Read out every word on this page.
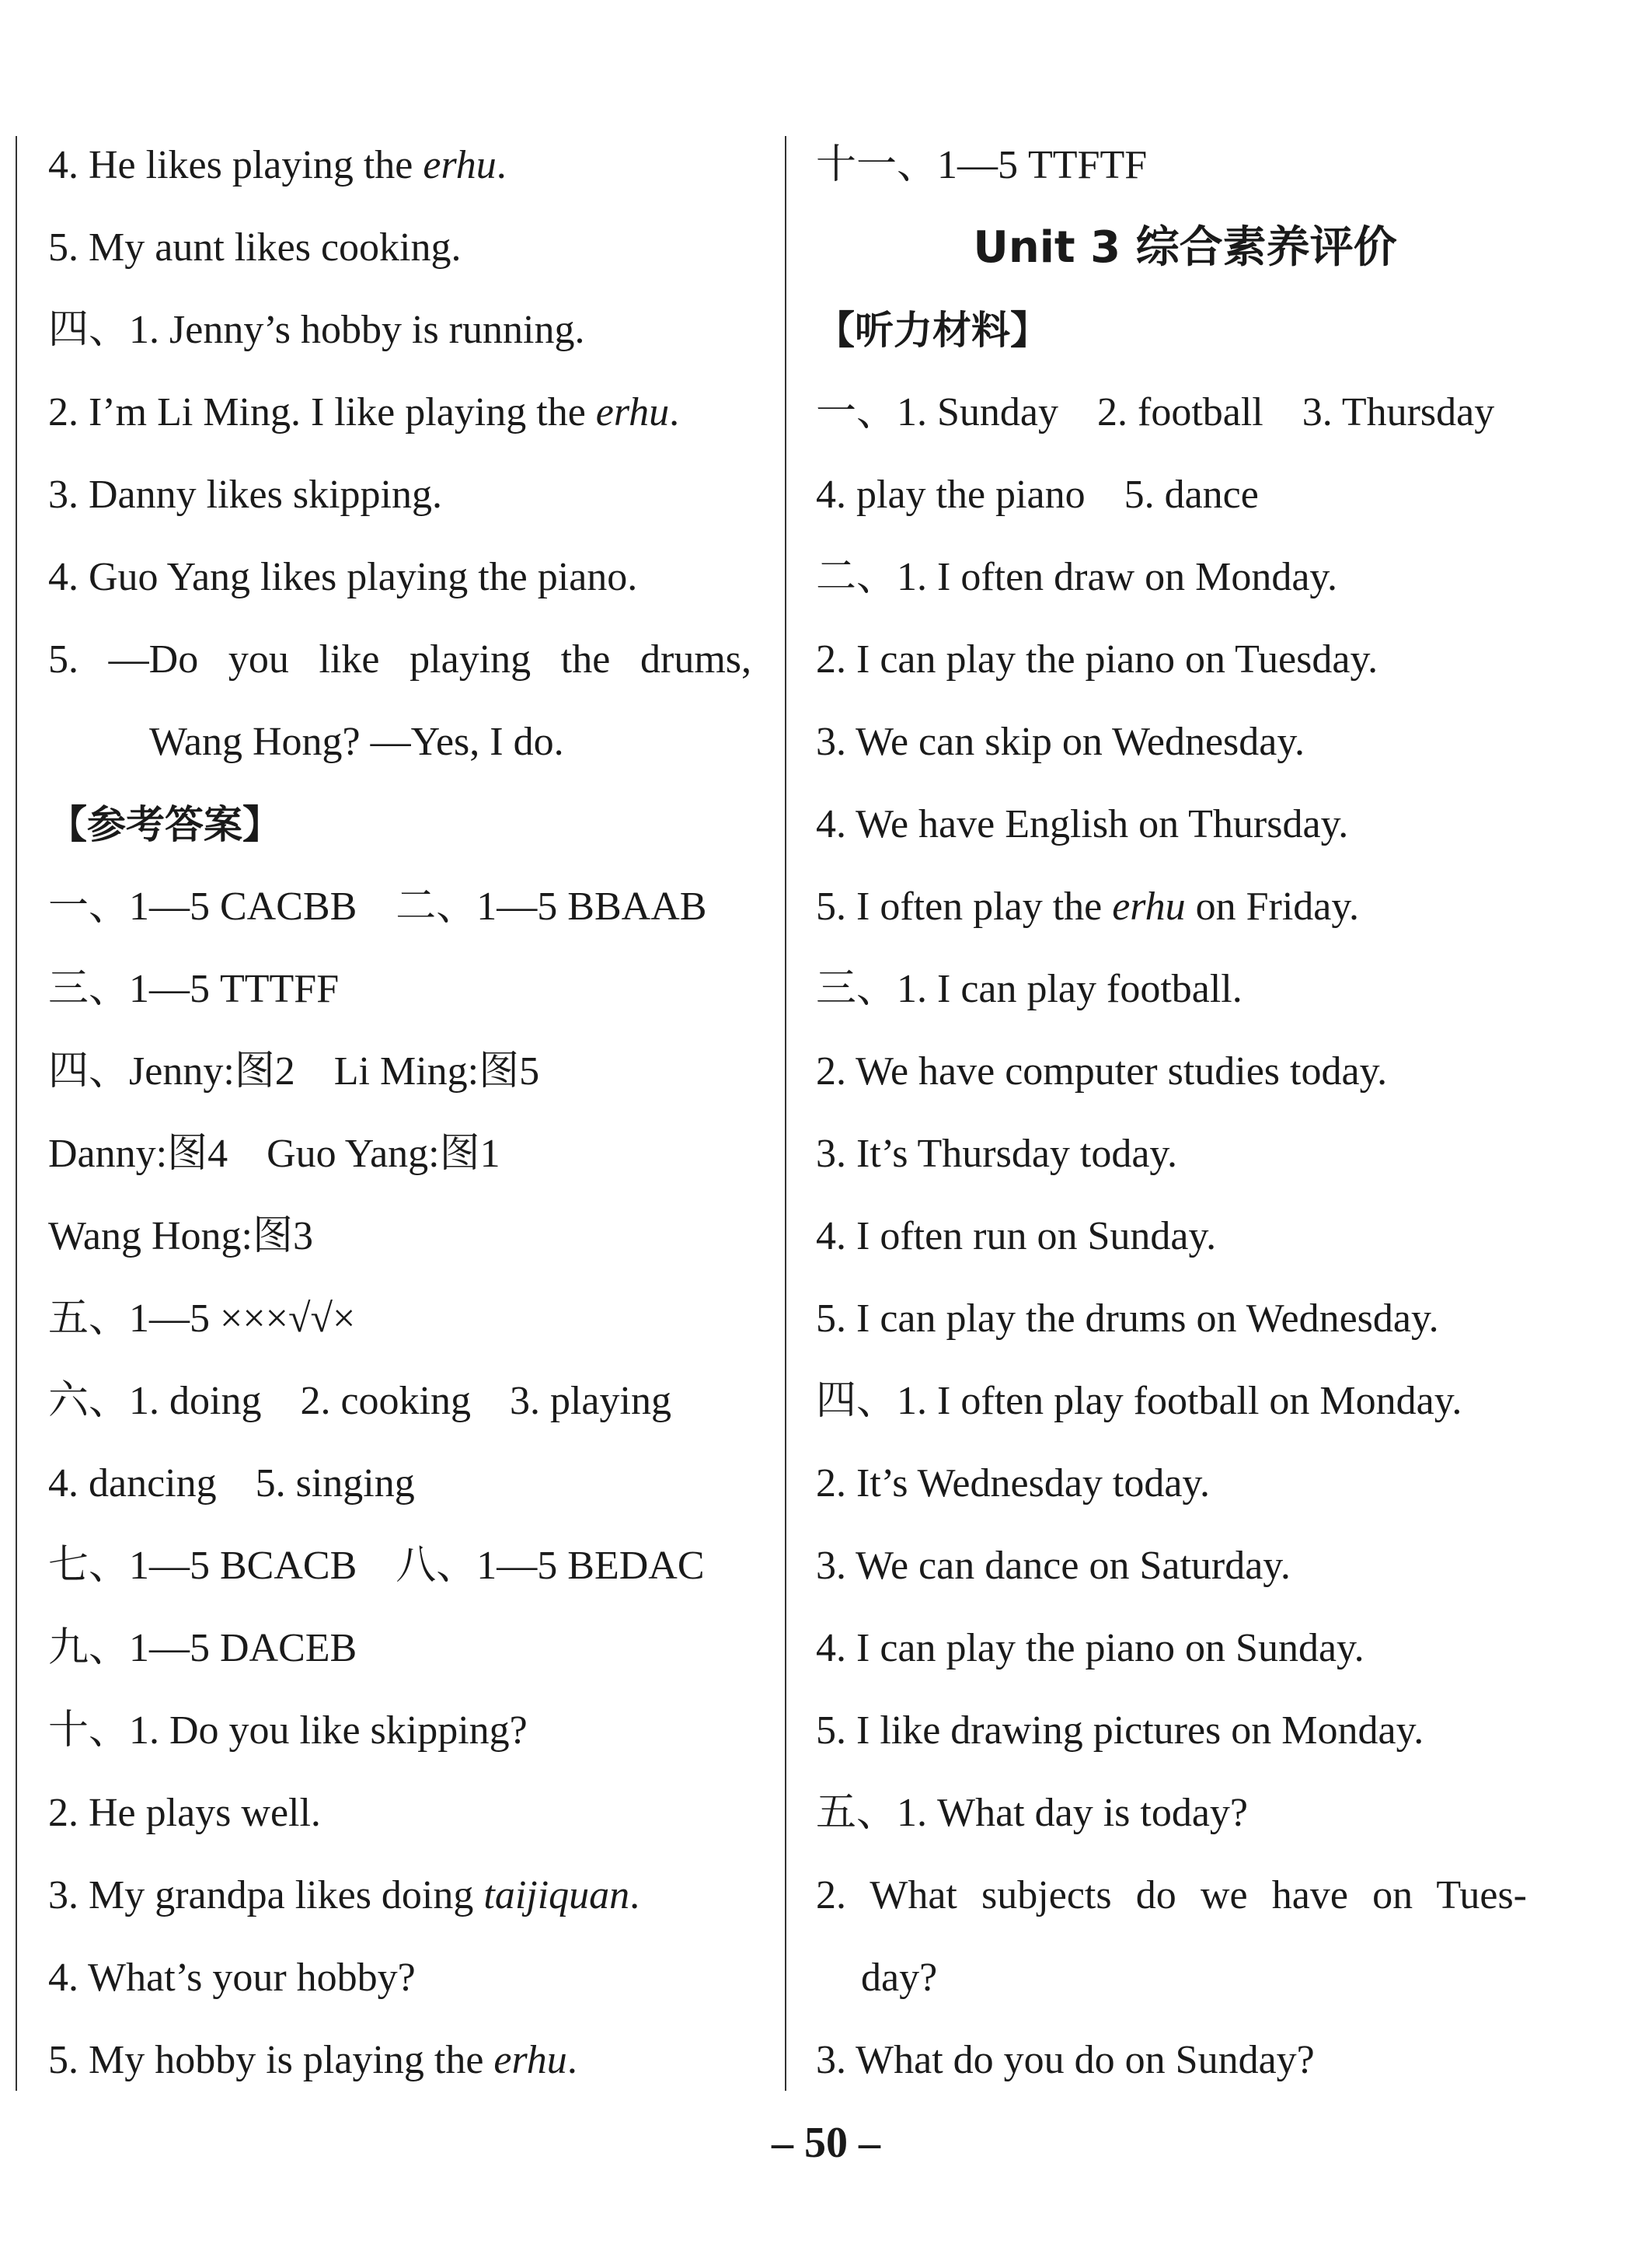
4. He likes playing the erhu.
5. My aunt likes cooking.
四、1. Jenny’s hobby is running.
2. I’m Li Ming. I like playing the erhu.
3. Danny likes skipping.
4. Guo Yang likes playing the piano.
5. —Do you like playing the drums,
Wang Hong? —Yes, I do.
【参考答案】
一、1—5 CACBB 二、1—5 BBAAB
三、1—5 TTTFF
四、Jenny:图2 Li Ming:图5
Danny:图4 Guo Yang:图1
Wang Hong:图3
五、1—5 ×××√√×
六、1. doing 2. cooking 3. playing
4. dancing 5. singing
七、1—5 BCACB 八、1—5 BEDAC
九、1—5 DACEB
十、1. Do you like skipping?
2. He plays well.
3. My grandpa likes doing taijiquan.
4. What’s your hobby?
5. My hobby is playing the erhu.
十一、1—5 TTFTF
Unit 3 综合素养评价
【听力材料】
一、1. Sunday 2. football 3. Thursday
4. play the piano 5. dance
二、1. I often draw on Monday.
2. I can play the piano on Tuesday.
3. We can skip on Wednesday.
4. We have English on Thursday.
5. I often play the erhu on Friday.
三、1. I can play football.
2. We have computer studies today.
3. It’s Thursday today.
4. I often run on Sunday.
5. I can play the drums on Wednesday.
四、1. I often play football on Monday.
2. It’s Wednesday today.
3. We can dance on Saturday.
4. I can play the piano on Sunday.
5. I like drawing pictures on Monday.
五、1. What day is today?
2. What subjects do we have on Tues-
day?
3. What do you do on Sunday?
– 50 –
